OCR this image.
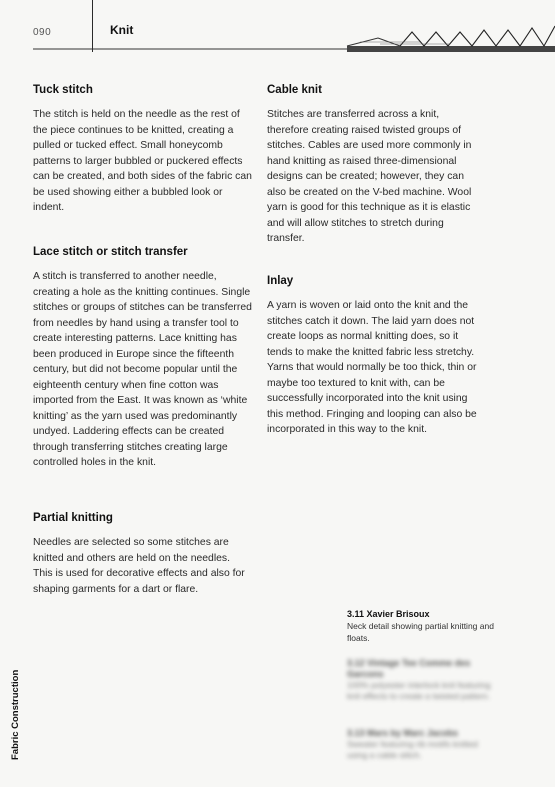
090	Knit
Tuck stitch

The stitch is held on the needle as the rest of the piece continues to be knitted, creating a pulled or tucked effect. Small honeycomb patterns to larger bubbled or puckered effects can be created, and both sides of the fabric can be used showing either a bubbled look or indent.

Lace stitch or stitch transfer

A stitch is transferred to another needle, creating a hole as the knitting continues. Single stitches or groups of stitches can be transferred from needles by hand using a transfer tool to create interesting patterns. Lace knitting has been produced in Europe since the fifteenth century, but did not become popular until the eighteenth century when fine cotton was imported from the East. It was known as ‘white knitting’ as the yarn used was predominantly undyed. Laddering effects can be created through transferring stitches creating large controlled holes in the knit.

Partial knitting

Needles are selected so some stitches are knitted and others are held on the needles. This is used for decorative effects and also for shaping garments for a dart or flare.

Cable knit

Stitches are transferred across a knit, therefore creating raised twisted groups of stitches. Cables are used more commonly in hand knitting as raised three-dimensional designs can be created; however, they can also be created on the V-bed machine. Wool yarn is good for this technique as it is elastic and will allow stitches to stretch during transfer.

Inlay

A yarn is woven or laid onto the knit and the stitches catch it down. The laid yarn does not create loops as normal knitting does, so it tends to make the knitted fabric less stretchy. Yarns that would normally be too thick, thin or maybe too textured to knit with, can be successfully incorporated into the knit using this method. Fringing and looping can also be incorporated in this way to the knit.

3.11 Xavier Brisoux
Neck detail showing partial knitting and floats.
3.12 Vintage Tee Comme des Garcons
100% polyester interlock knit featuring knit effects to create a twisted pattern.
3.13 Mars by Marc Jacobs
Sweater featuring rib motifs knitted using a cable stitch.
Fabric Construction
